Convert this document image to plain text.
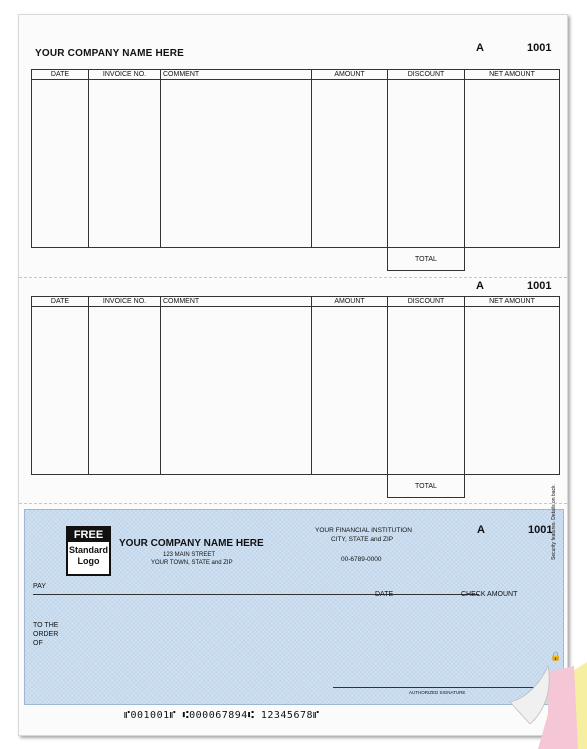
YOUR COMPANY NAME HERE	A	1001
DATE	INVOICE NO.	COMMENT	AMOUNT	DISCOUNT	NET AMOUNT

				TOTAL	
A	1001
DATE	INVOICE NO.	COMMENT	AMOUNT	DISCOUNT	NET AMOUNT

				TOTAL	
FREE
Standard
Logo
YOUR COMPANY NAME HERE
123 MAIN STREET
YOUR TOWN, STATE and ZIP
YOUR FINANCIAL INSTITUTION
CITY, STATE and ZIP
00-6789-0000
A	1001
PAY
DATE	CHECK AMOUNT
TO THE
ORDER
OF
AUTHORIZED SIGNATURE
Security features. Details on back.
🔒
⑈001001⑈ ⑆000067894⑆ 12345678⑈
